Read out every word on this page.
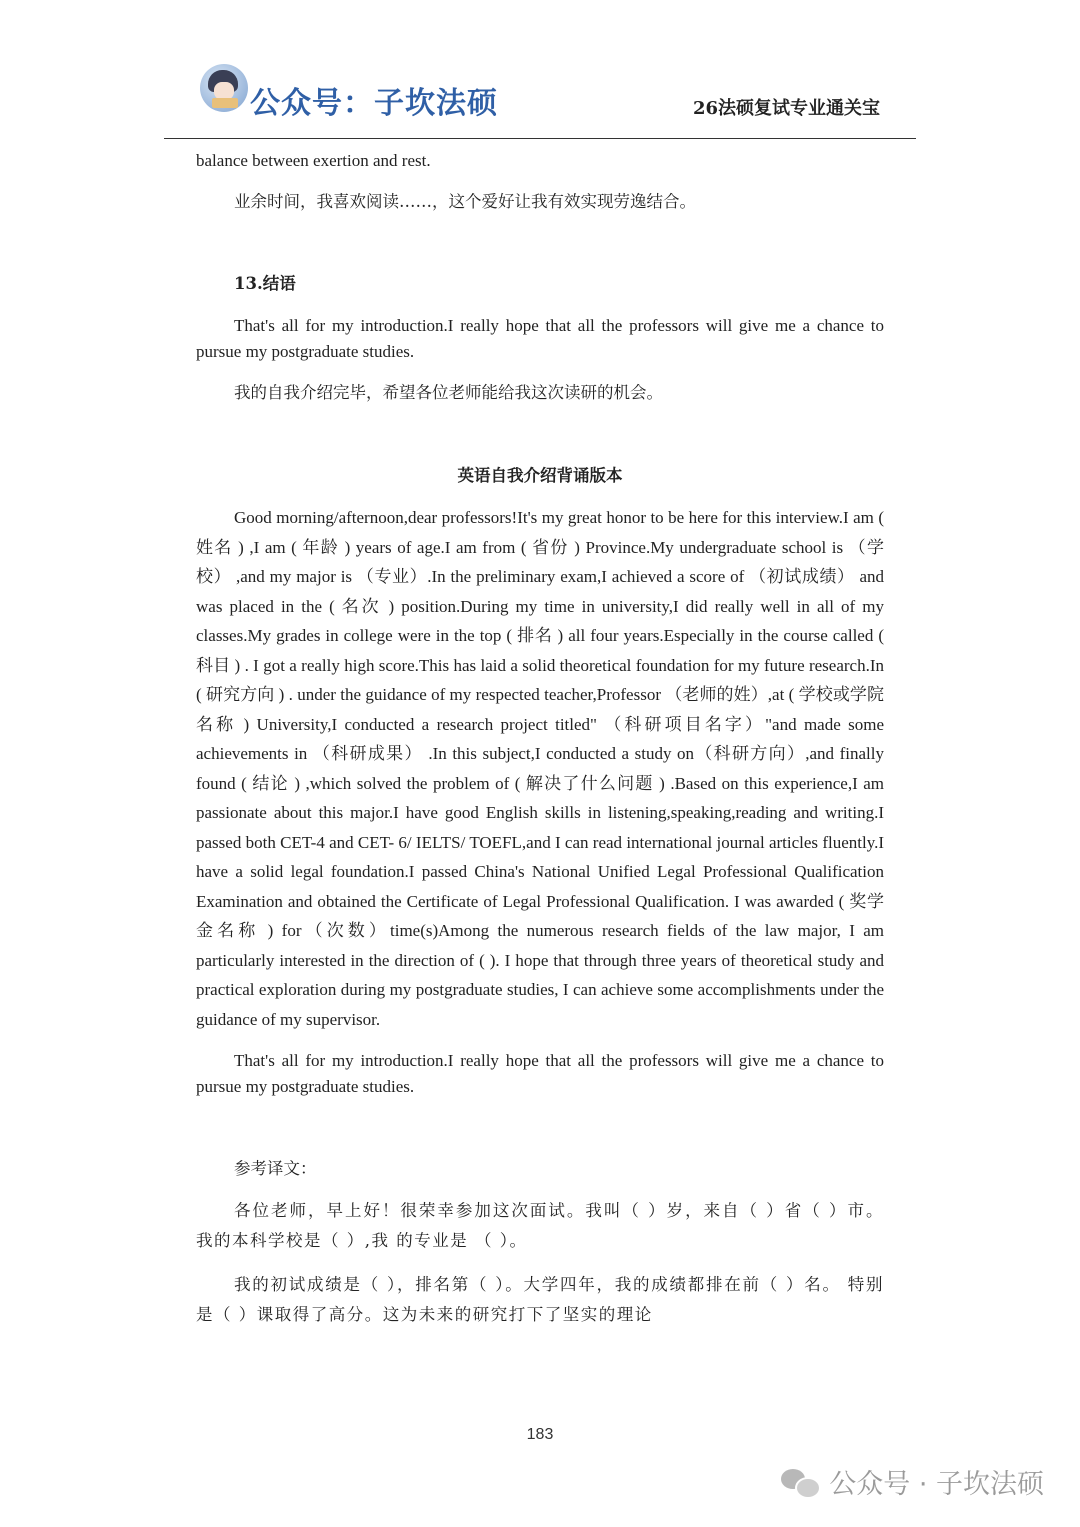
公众号：子坎法硕	26法硕复试专业通关宝

balance between exertion and rest.

业余时间，我喜欢阅读……，这个爱好让我有效实现劳逸结合。

13.结语

That's all for my introduction.I really hope that all the professors will give me a chance to pursue my postgraduate studies.

我的自我介绍完毕，希望各位老师能给我这次读研的机会。

英语自我介绍背诵版本

Good morning/afternoon,dear professors!It's my great honor to be here for this interview.I am ( 姓名 ) ,I am ( 年龄 ) years of age.I am from ( 省份 ) Province.My undergraduate school is （学校） ,and my major is （专业）.In the preliminary exam,I achieved a score of （初试成绩） and was placed in the ( 名次 ) position.During my time in university,I did really well in all of my classes.My grades in college were in the top ( 排名 ) all four years.Especially in the course called ( 科目 ) . I got a really high score.This has laid a solid theoretical foundation for my future research.In ( 研究方向 ) . under the guidance of my respected teacher,Professor （老师的姓）,at ( 学校或学院名称 ) University,I conducted a research project titled" （科研项目名字）"and made some achievements in （科研成果） .In this subject,I conducted a study on（科研方向）,and finally found ( 结论 ) ,which solved the problem of ( 解决了什么问题 ) .Based on this experience,I am passionate about this major.I have good English skills in listening,speaking,reading and writing.I passed both CET-4 and CET- 6/ IELTS/ TOEFL,and I can read international journal articles fluently.I have a solid legal foundation.I passed China's National Unified Legal Professional Qualification Examination and obtained the Certificate of Legal Professional Qualification. I was awarded ( 奖学金名称 ) for（次数）time(s)Among the numerous research fields of the law major, I am particularly interested in the direction of ( ). I hope that through three years of theoretical study and practical exploration during my postgraduate studies, I can achieve some accomplishments under the guidance of my supervisor.

That's all for my introduction.I really hope that all the professors will give me a chance to pursue my postgraduate studies.

参考译文：

各位老师，早上好！很荣幸参加这次面试。我叫（ ）岁，来自（ ）省（ ）市。我的本科学校是（ ）,我 的专业是 （ ）。

我的初试成绩是（ ），排名第（ ）。大学四年，我的成绩都排在前（ ）名。 特别是（ ）课取得了高分。这为未来的研究打下了坚实的理论

183
公众号 · 子坎法硕
